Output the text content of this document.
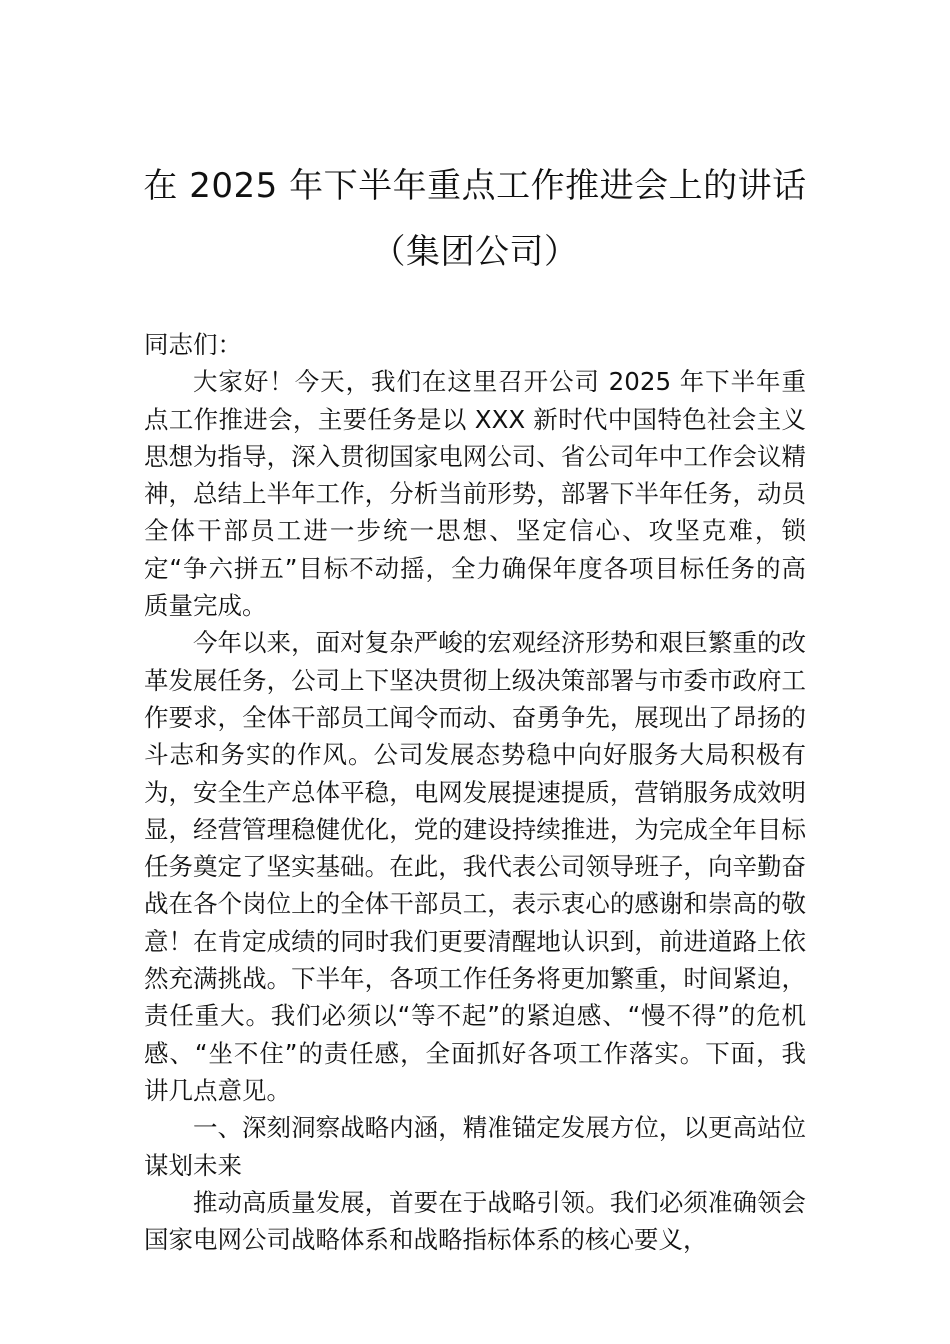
在 2025 年下半年重点工作推进会上的讲话
（集团公司）

同志们：

大家好！今天，我们在这里召开公司 2025 年下半年重点工作推进会，主要任务是以 XXX 新时代中国特色社会主义思想为指导，深入贯彻国家电网公司、省公司年中工作会议精神，总结上半年工作，分析当前形势，部署下半年任务，动员全体干部员工进一步统一思想、坚定信心、攻坚克难，锁定“争六拼五”目标不动摇，全力确保年度各项目标任务的高质量完成。

今年以来，面对复杂严峻的宏观经济形势和艰巨繁重的改革发展任务，公司上下坚决贯彻上级决策部署与市委市政府工作要求，全体干部员工闻令而动、奋勇争先，展现出了昂扬的斗志和务实的作风。公司发展态势稳中向好服务大局积极有为，安全生产总体平稳，电网发展提速提质，营销服务成效明显，经营管理稳健优化，党的建设持续推进，为完成全年目标任务奠定了坚实基础。在此，我代表公司领导班子，向辛勤奋战在各个岗位上的全体干部员工，表示衷心的感谢和崇高的敬意！在肯定成绩的同时我们更要清醒地认识到，前进道路上依然充满挑战。下半年，各项工作任务将更加繁重，时间紧迫，责任重大。我们必须以“等不起”的紧迫感、“慢不得”的危机感、“坐不住”的责任感，全面抓好各项工作落实。下面，我讲几点意见。

一、深刻洞察战略内涵，精准锚定发展方位，以更高站位谋划未来

推动高质量发展，首要在于战略引领。我们必须准确领会国家电网公司战略体系和战略指标体系的核心要义，
